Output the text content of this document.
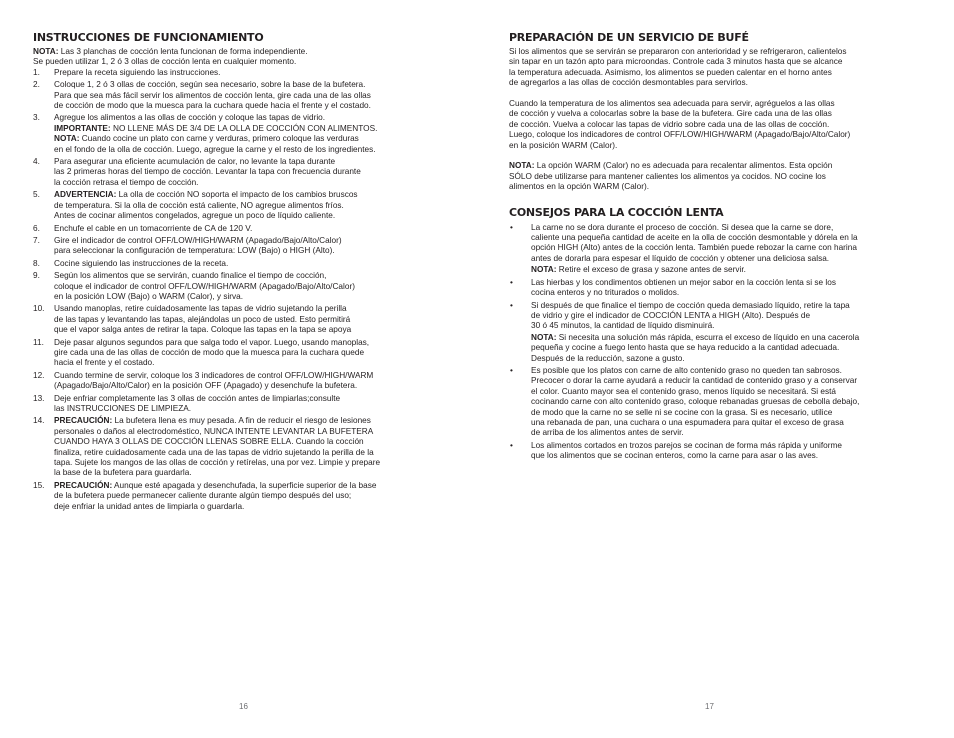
INSTRUCCIONES DE FUNCIONAMIENTO

NOTA: Las 3 planchas de cocción lenta funcionan de forma independiente.
Se pueden utilizar 1, 2 ó 3 ollas de cocción lenta en cualquier momento.

1. Prepare la receta siguiendo las instrucciones.
2. Coloque 1, 2 ó 3 ollas de cocción, según sea necesario, sobre la base de la bufetera.
Para que sea más fácil servir los alimentos de cocción lenta, gire cada una de las ollas
de cocción de modo que la muesca para la cuchara quede hacia el frente y el costado.
3. Agregue los alimentos a las ollas de cocción y coloque las tapas de vidrio.
IMPORTANTE: NO LLENE MÁS DE 3/4 DE LA OLLA DE COCCIÓN CON ALIMENTOS.
NOTA: Cuando cocine un plato con carne y verduras, primero coloque las verduras
en el fondo de la olla de cocción. Luego, agregue la carne y el resto de los ingredientes.
4. Para asegurar una eficiente acumulación de calor, no levante la tapa durante
las 2 primeras horas del tiempo de cocción. Levantar la tapa con frecuencia durante
la cocción retrasa el tiempo de cocción.
5. ADVERTENCIA: La olla de cocción NO soporta el impacto de los cambios bruscos
de temperatura. Si la olla de cocción está caliente, NO agregue alimentos fríos.
Antes de cocinar alimentos congelados, agregue un poco de líquido caliente.
6. Enchufe el cable en un tomacorriente de CA de 120 V.
7. Gire el indicador de control OFF/LOW/HIGH/WARM (Apagado/Bajo/Alto/Calor)
para seleccionar la configuración de temperatura: LOW (Bajo) o HIGH (Alto).
8. Cocine siguiendo las instrucciones de la receta.
9. Según los alimentos que se servirán, cuando finalice el tiempo de cocción,
coloque el indicador de control OFF/LOW/HIGH/WARM (Apagado/Bajo/Alto/Calor)
en la posición LOW (Bajo) o WARM (Calor), y sirva.
10. Usando manoplas, retire cuidadosamente las tapas de vidrio sujetando la perilla
de las tapas y levantando las tapas, alejándolas un poco de usted. Esto permitirá
que el vapor salga antes de retirar la tapa. Coloque las tapas en la tapa se apoya
11. Deje pasar algunos segundos para que salga todo el vapor. Luego, usando manoplas,
gire cada una de las ollas de cocción de modo que la muesca para la cuchara quede
hacia el frente y el costado.
12. Cuando termine de servir, coloque los 3 indicadores de control OFF/LOW/HIGH/WARM
(Apagado/Bajo/Alto/Calor) en la posición OFF (Apagado) y desenchufe la bufetera.
13. Deje enfriar completamente las 3 ollas de cocción antes de limpiarlas;consulte
las INSTRUCCIONES DE LIMPIEZA.
14. PRECAUCIÓN: La bufetera llena es muy pesada. A fin de reducir el riesgo de lesiones
personales o daños al electrodoméstico, NUNCA INTENTE LEVANTAR LA BUFETERA
CUANDO HAYA 3 OLLAS DE COCCIÓN LLENAS SOBRE ELLA. Cuando la cocción
finaliza, retire cuidadosamente cada una de las tapas de vidrio sujetando la perilla de la
tapa. Sujete los mangos de las ollas de cocción y retírelas, una por vez. Limpie y prepare
la base de la bufetera para guardarla.
15. PRECAUCIÓN: Aunque esté apagada y desenchufada, la superficie superior de la base
de la bufetera puede permanecer caliente durante algún tiempo después del uso;
deje enfriar la unidad antes de limpiarla o guardarla.
PREPARACIÓN DE UN SERVICIO DE BUFÉ

Si los alimentos que se servirán se prepararon con anterioridad y se refrigeraron, calientelos
sin tapar en un tazón apto para microondas. Controle cada 3 minutos hasta que se alcance
la temperatura adecuada. Asimismo, los alimentos se pueden calentar en el horno antes
de agregarlos a las ollas de cocción desmontables para servirlos.

Cuando la temperatura de los alimentos sea adecuada para servir, agréguelos a las ollas
de cocción y vuelva a colocarlas sobre la base de la bufetera. Gire cada una de las ollas
de cocción. Vuelva a colocar las tapas de vidrio sobre cada una de las ollas de cocción.
Luego, coloque los indicadores de control OFF/LOW/HIGH/WARM (Apagado/Bajo/Alto/Calor)
en la posición WARM (Calor).

NOTA: La opción WARM (Calor) no es adecuada para recalentar alimentos. Esta opción
SÓLO debe utilizarse para mantener calientes los alimentos ya cocidos. NO cocine los
alimentos en la opción WARM (Calor).

CONSEJOS PARA LA COCCIÓN LENTA
• La carne no se dora durante el proceso de cocción. Si desea que la carne se dore,
caliente una pequeña cantidad de aceite en la olla de cocción desmontable y dórela en la
opción HIGH (Alto) antes de la cocción lenta. También puede rebozar la carne con harina
antes de dorarla para espesar el líquido de cocción y obtener una deliciosa salsa.
NOTA: Retire el exceso de grasa y sazone antes de servir.
• Las hierbas y los condimentos obtienen un mejor sabor en la cocción lenta si se los
cocina enteros y no triturados o molidos.
• Si después de que finalice el tiempo de cocción queda demasiado líquido, retire la tapa
de vidrio y gire el indicador de COCCIÓN LENTA a HIGH (Alto). Después de
30 ó 45 minutos, la cantidad de líquido disminuirá.
NOTA: Si necesita una solución más rápida, escurra el exceso de líquido en una cacerola
pequeña y cocine a fuego lento hasta que se haya reducido a la cantidad adecuada.
Después de la reducción, sazone a gusto.
• Es posible que los platos con carne de alto contenido graso no queden tan sabrosos.
Precocer o dorar la carne ayudará a reducir la cantidad de contenido graso y a conservar
el color. Cuanto mayor sea el contenido graso, menos líquido se necesitará. Si está
cocinando carne con alto contenido graso, coloque rebanadas gruesas de cebolla debajo,
de modo que la carne no se selle ni se cocine con la grasa. Si es necesario, utilice
una rebanada de pan, una cuchara o una espumadera para quitar el exceso de grasa
de arriba de los alimentos antes de servir.
• Los alimentos cortados en trozos parejos se cocinan de forma más rápida y uniforme
que los alimentos que se cocinan enteros, como la carne para asar o las aves.
16	17
